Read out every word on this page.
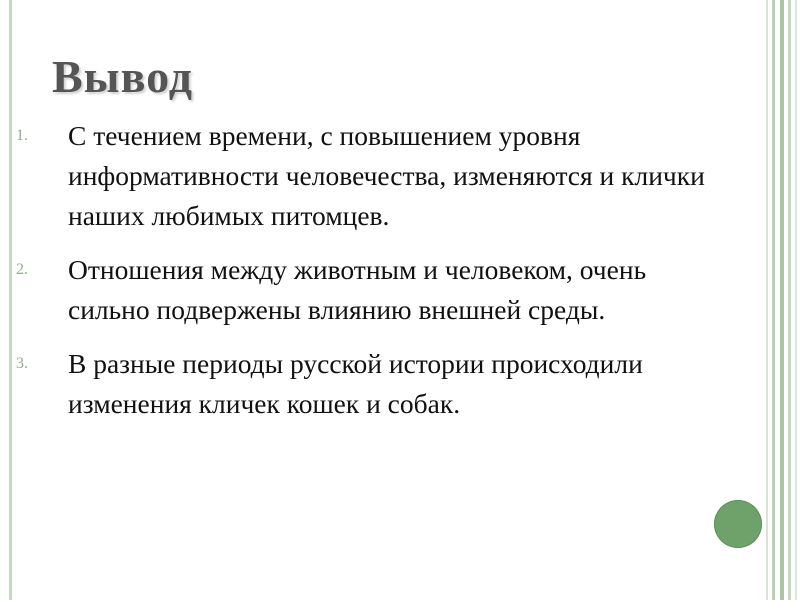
Вывод
1. С течением времени, с повышением уровня информативности человечества, изменяются и клички наших любимых питомцев.
2. Отношения между животным и человеком, очень сильно подвержены влиянию внешней среды.
3. В разные периоды русской истории происходили изменения кличек кошек и собак.
